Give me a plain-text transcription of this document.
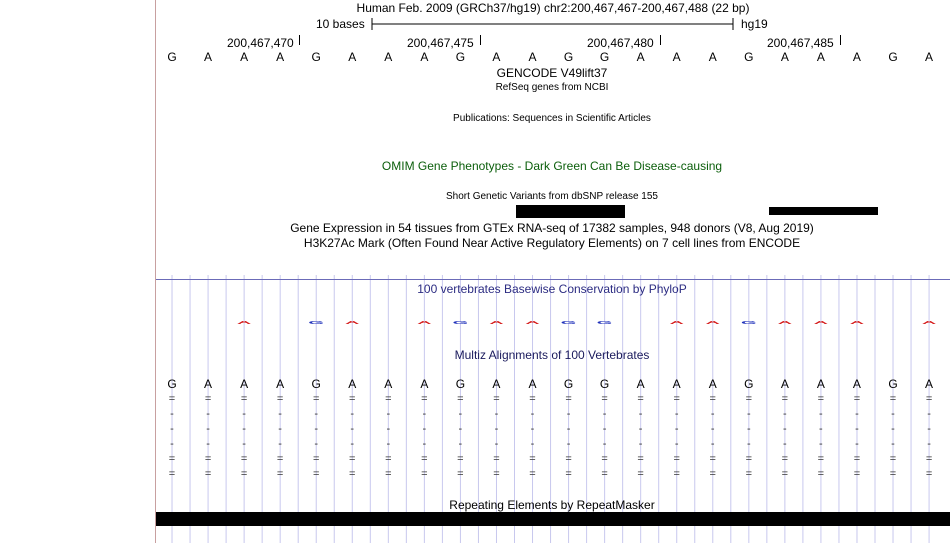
Human Feb. 2009 (GRCh37/hg19) chr2:200,467,467-200,467,488 (22 bp)
10 bases	hg19
200,467,470	200,467,475	200,467,480	200,467,485
G A A A G A A A G A A G G A A A G A A A G A
GENCODE V49lift37
RefSeq genes from NCBI
Publications: Sequences in Scientific Articles
OMIM Gene Phenotypes - Dark Green Can Be Disease-causing
Short Genetic Variants from dbSNP release 155
Gene Expression in 54 tissues from GTEx RNA-seq of 17382 samples, 948 donors (V8, Aug 2019)
H3K27Ac Mark (Often Found Near Active Regulatory Elements) on 7 cell lines from ENCODE
100 vertebrates Basewise Conservation by PhyloP
A	G A	A G A A G G	A A G A A A	A
Multiz Alignments of 100 Vertebrates
G A A A G A A A G A A G G A A A G A A A G A
=	=	=	=	=	=	=	=	=	=	=	=	=	=	=	=	=	=	=	=	=	=
-	-	-	-	-	-	-	-	-	-	-	-	-	-	-	-	-	-	-	-	-	-
-	-	-	-	-	-	-	-	-	-	-	-	-	-	-	-	-	-	-	-	-	-
-	-	-	-	-	-	-	-	-	-	-	-	-	-	-	-	-	-	-	-	-	-
=	=	=	=	=	=	=	=	=	=	=	=	=	=	=	=	=	=	=	=	=	=
=	=	=	=	=	=	=	=	=	=	=	=	=	=	=	=	=	=	=	=	=	=
Repeating Elements by RepeatMasker
